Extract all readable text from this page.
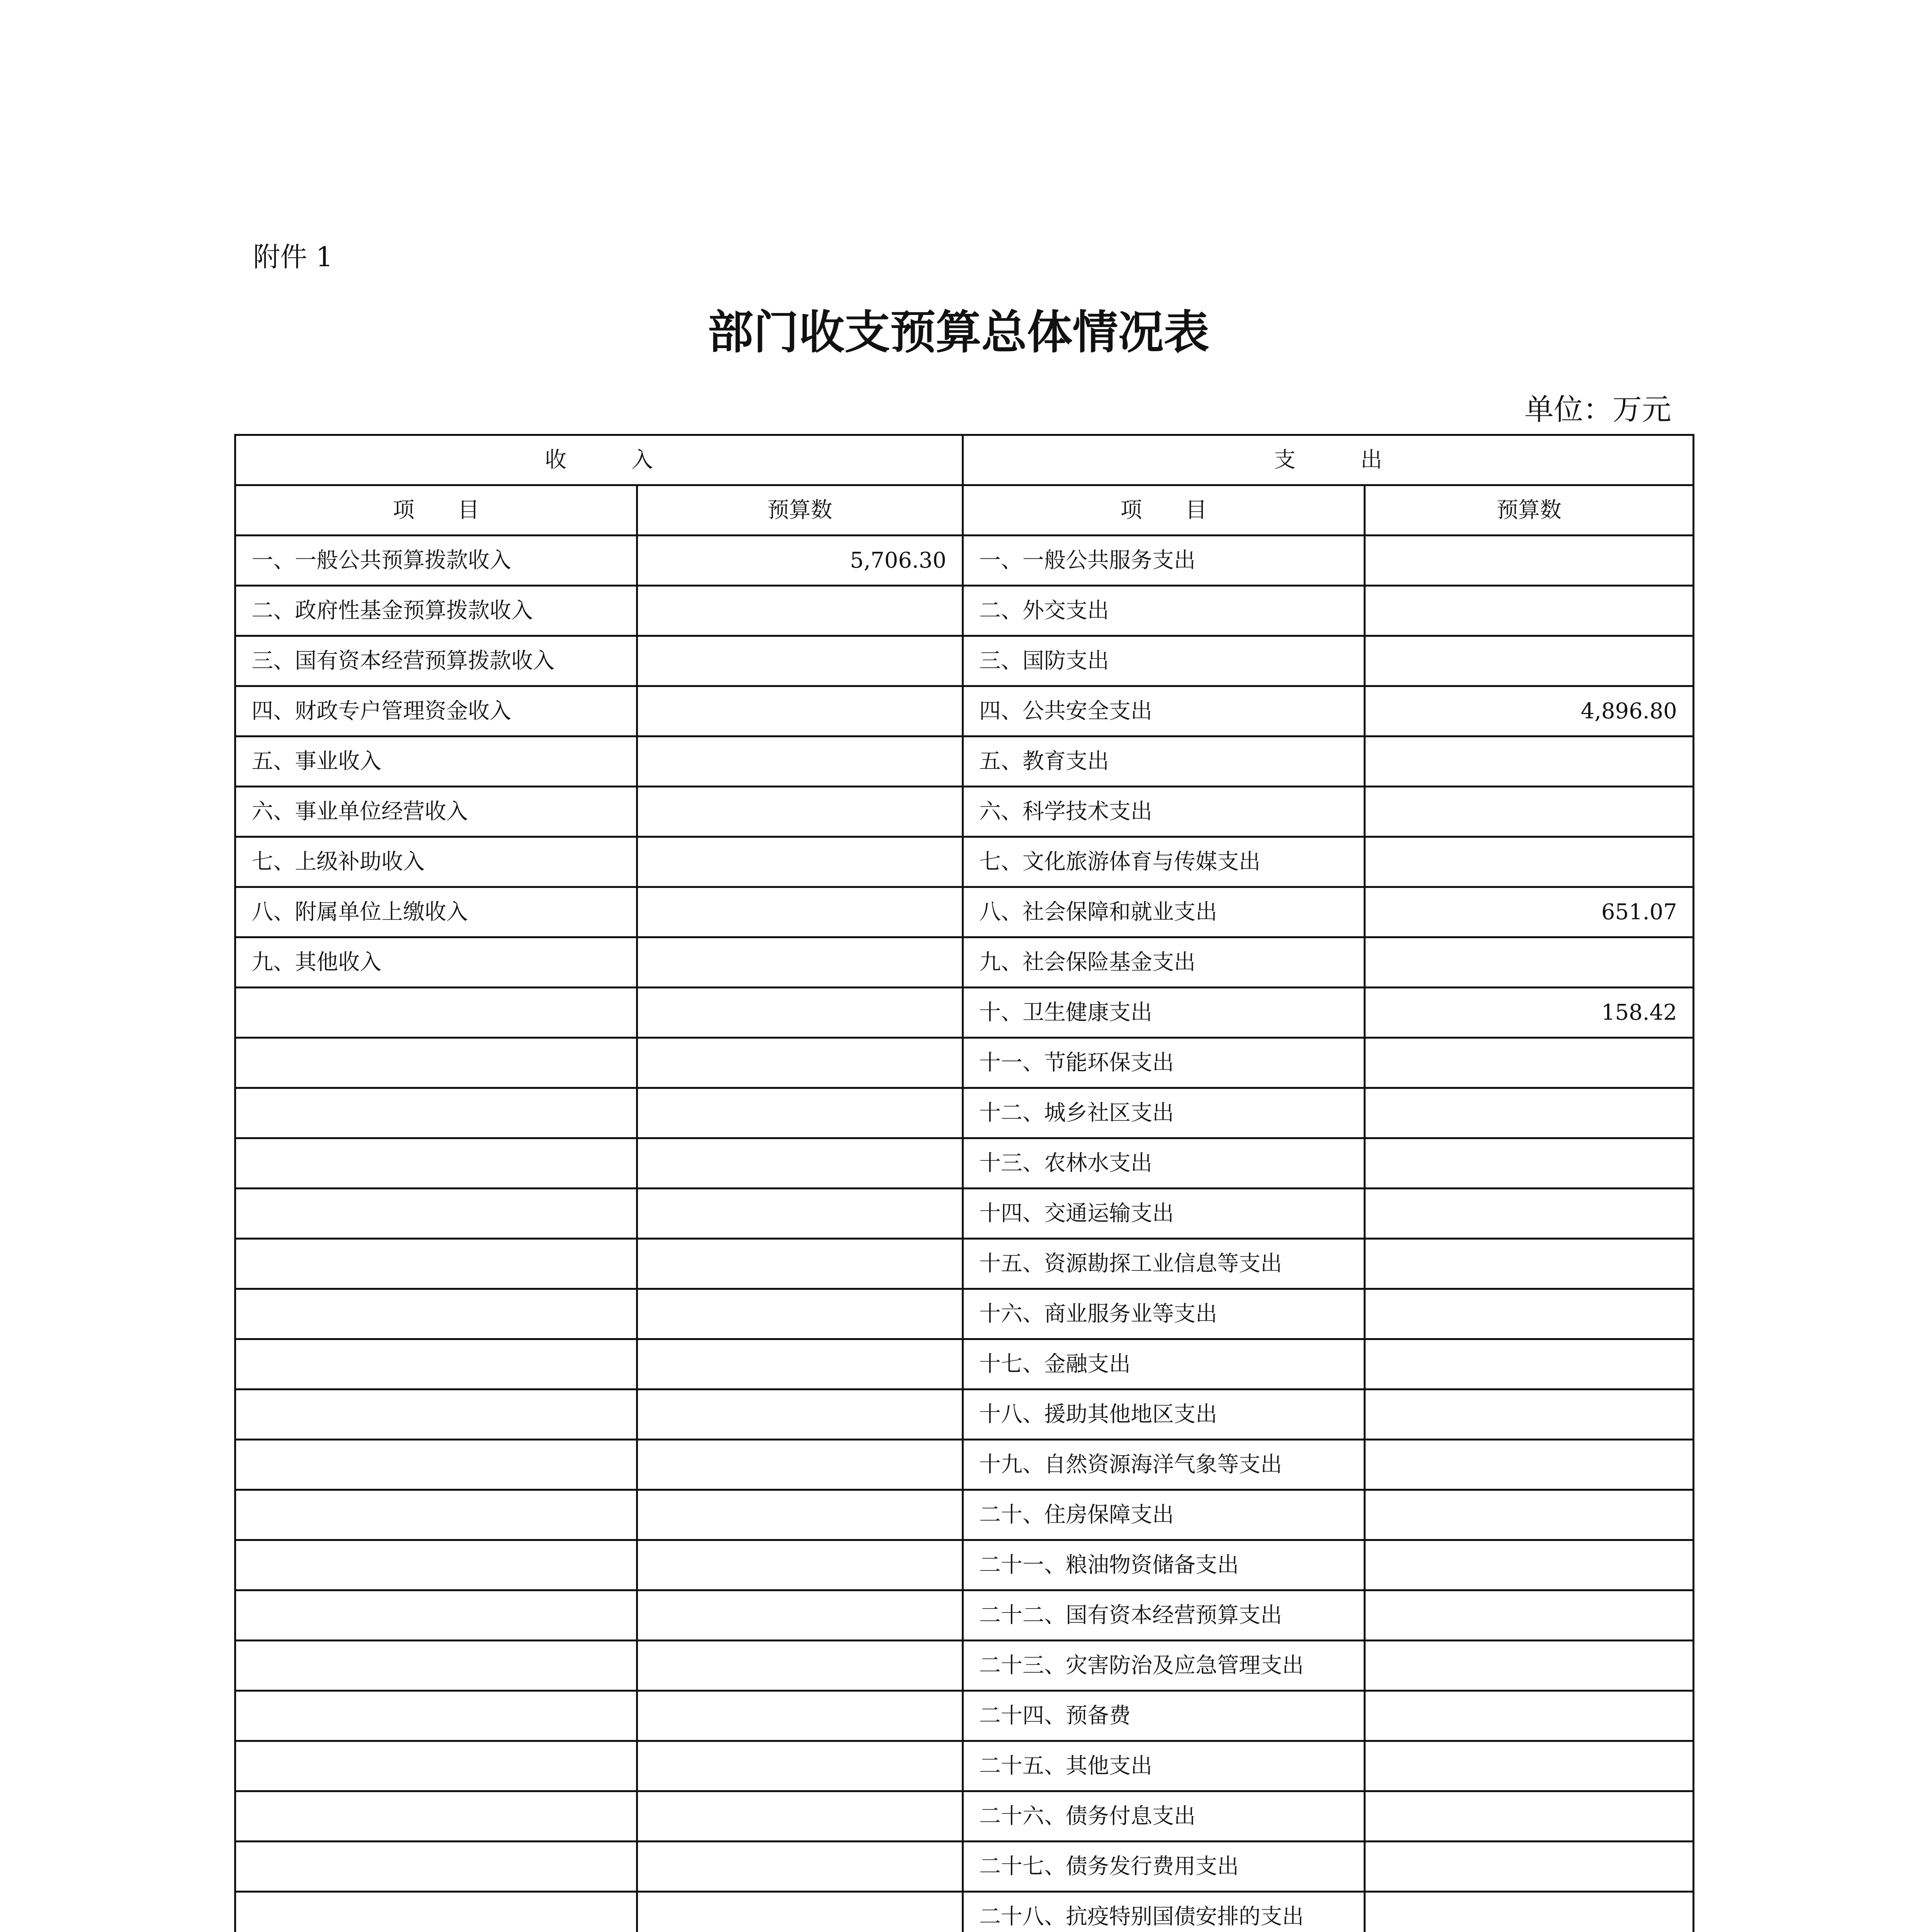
附件 1
部门收支预算总体情况表
单位：万元
收　　　入		支　　　出	
项　　目	预算数	项　　目	预算数
一、一般公共预算拨款收入	5,706.30	一、一般公共服务支出	
二、政府性基金预算拨款收入		二、外交支出	
三、国有资本经营预算拨款收入		三、国防支出	
四、财政专户管理资金收入		四、公共安全支出	4,896.80
五、事业收入		五、教育支出	
六、事业单位经营收入		六、科学技术支出	
七、上级补助收入		七、文化旅游体育与传媒支出	
八、附属单位上缴收入		八、社会保障和就业支出	651.07
九、其他收入		九、社会保险基金支出	
		十、卫生健康支出	158.42
		十一、节能环保支出	
		十二、城乡社区支出	
		十三、农林水支出	
		十四、交通运输支出	
		十五、资源勘探工业信息等支出	
		十六、商业服务业等支出	
		十七、金融支出	
		十八、援助其他地区支出	
		十九、自然资源海洋气象等支出	
		二十、住房保障支出	
		二十一、粮油物资储备支出	
		二十二、国有资本经营预算支出	
		二十三、灾害防治及应急管理支出	
		二十四、预备费	
		二十五、其他支出	
		二十六、债务付息支出	
		二十七、债务发行费用支出	
		二十八、抗疫特别国债安排的支出	
